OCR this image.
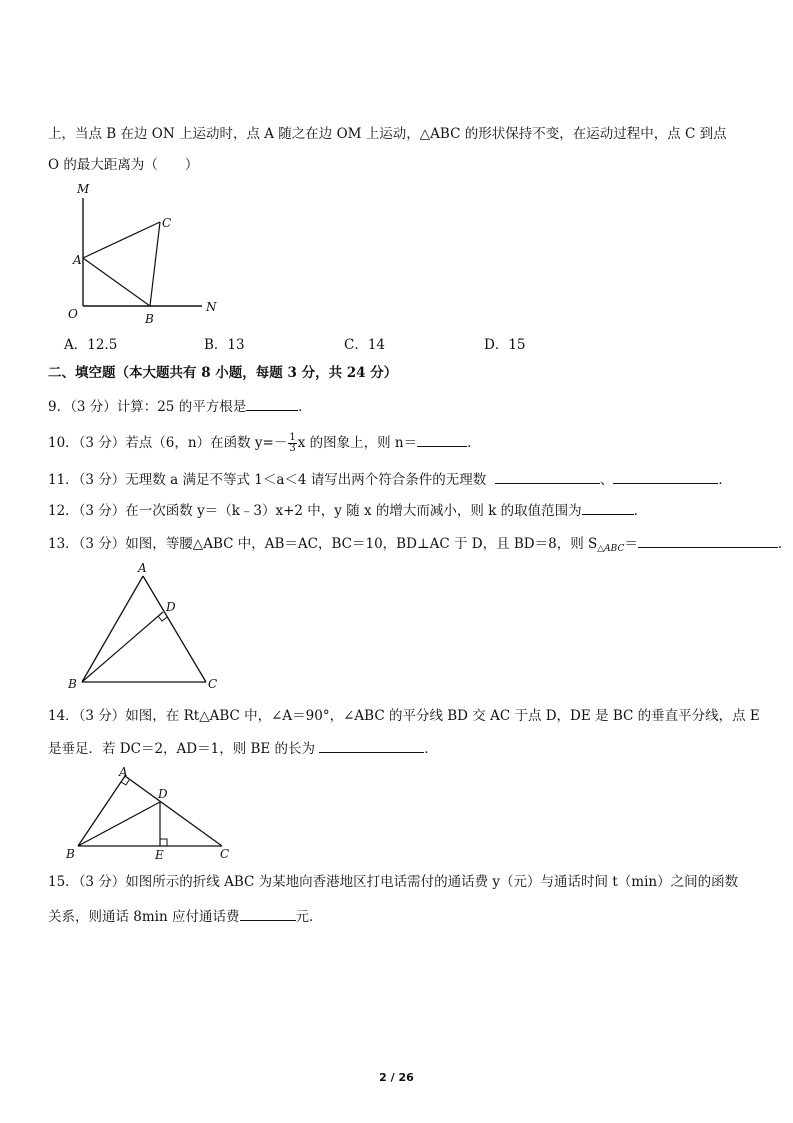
上，当点 B 在边 ON 上运动时，点 A 随之在边 OM 上运动，△ABC 的形状保持不变，在运动过程中，点 C 到点
O 的最大距离为（　　）
M
A
C
O	B
N
A．12.5	B．13	C．14	D．15
二、填空题（本大题共有 8 小题，每题 3 分，共 24 分）
9．（3 分）计算：25 的平方根是	．
10．（3 分）若点（6，n）在函数 $y=- \frac{1}{3}$ x 的图象上，则 n＝	．
11．（3 分）无理数 a 满足不等式 1＜a＜4 请写出两个符合条件的无理数	、	．
12．（3 分）在一次函数 y＝（k﹣3）x+2 中，y 随 x 的增大而减小，则 k 的取值范围为	．
13．（3 分）如图，等腰△ABC 中，AB＝AC，BC＝10，BD⊥AC 于 D，且 BD＝8，则 $S_{\triangle ABC}=$	．
A
D
B	C
14．（3 分）如图，在 Rt△ABC 中，∠A＝90°，∠ABC 的平分线 BD 交 AC 于点 D，DE 是 BC 的垂直平分线，点 E
是垂足．若 DC＝2，AD＝1，则 BE 的长为	．
A
D
B	E	C
15．（3 分）如图所示的折线 ABC 为某地向香港地区打电话需付的通话费 y（元）与通话时间 t（min）之间的函数
关系，则通话 8min 应付通话费	元．
2 / 26
